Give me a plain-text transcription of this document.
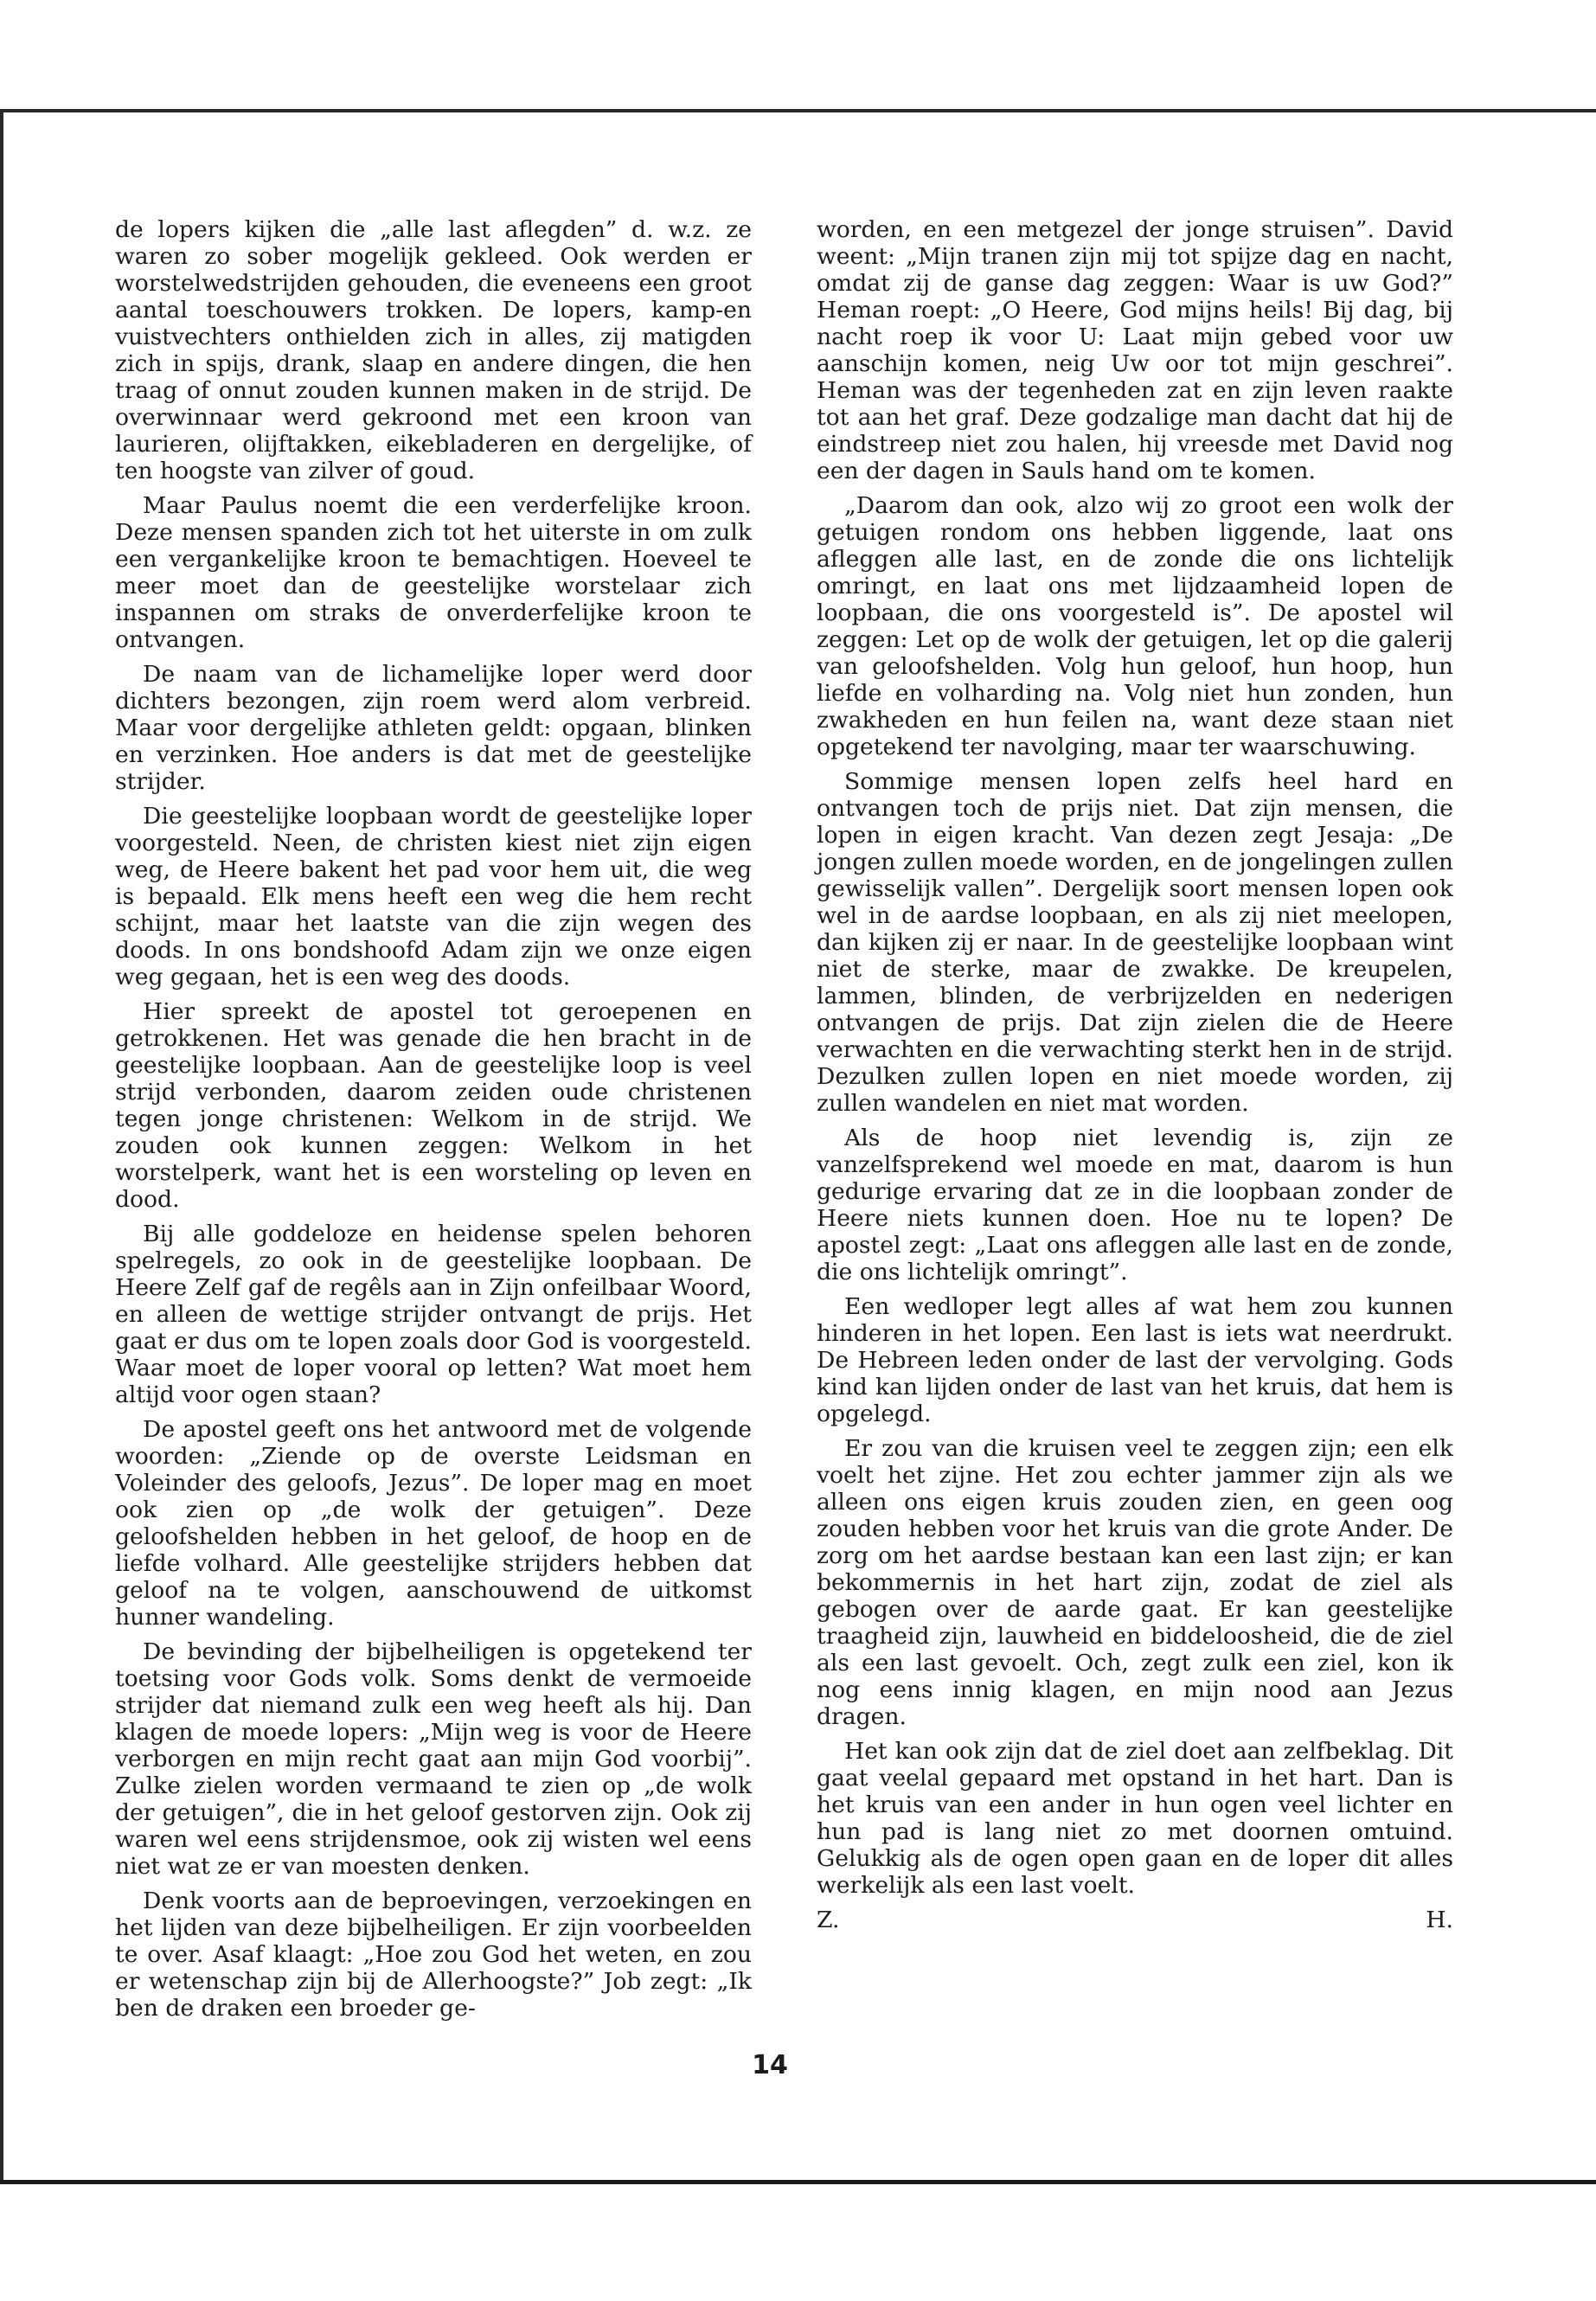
de lopers kijken die „alle last aflegden” d. w.z. ze waren zo sober mogelijk gekleed. Ook werden er worstelwedstrijden gehouden, die eveneens een groot aantal toeschouwers trokken. De lopers, kamp-en vuistvechters onthielden zich in alles, zij matigden zich in spijs, drank, slaap en andere dingen, die hen traag of onnut zouden kunnen maken in de strijd. De overwinnaar werd gekroond met een kroon van laurieren, olijftakken, eikebladeren en dergelijke, of ten hoogste van zilver of goud.

Maar Paulus noemt die een verderfelijke kroon. Deze mensen spanden zich tot het uiterste in om zulk een vergankelijke kroon te bemachtigen. Hoeveel te meer moet dan de geestelijke worstelaar zich inspannen om straks de onverderfelijke kroon te ontvangen.

De naam van de lichamelijke loper werd door dichters bezongen, zijn roem werd alom verbreid. Maar voor dergelijke athleten geldt: opgaan, blinken en verzinken. Hoe anders is dat met de geestelijke strijder.

Die geestelijke loopbaan wordt de geestelijke loper voorgesteld. Neen, de christen kiest niet zijn eigen weg, de Heere bakent het pad voor hem uit, die weg is bepaald. Elk mens heeft een weg die hem recht schijnt, maar het laatste van die zijn wegen des doods. In ons bondshoofd Adam zijn we onze eigen weg gegaan, het is een weg des doods.

Hier spreekt de apostel tot geroepenen en getrokkenen. Het was genade die hen bracht in de geestelijke loopbaan. Aan de geestelijke loop is veel strijd verbonden, daarom zeiden oude christenen tegen jonge christenen: Welkom in de strijd. We zouden ook kunnen zeggen: Welkom in het worstelperk, want het is een worsteling op leven en dood.

Bij alle goddeloze en heidense spelen behoren spelregels, zo ook in de geestelijke loopbaan. De Heere Zelf gaf de regêls aan in Zijn onfeilbaar Woord, en alleen de wettige strijder ontvangt de prijs. Het gaat er dus om te lopen zoals door God is voorgesteld. Waar moet de loper vooral op letten? Wat moet hem altijd voor ogen staan?

De apostel geeft ons het antwoord met de volgende woorden: „Ziende op de overste Leidsman en Voleinder des geloofs, Jezus”. De loper mag en moet ook zien op „de wolk der getuigen”. Deze geloofshelden hebben in het geloof, de hoop en de liefde volhard. Alle geestelijke strijders hebben dat geloof na te volgen, aanschouwend de uitkomst hunner wandeling.

De bevinding der bijbelheiligen is opgetekend ter toetsing voor Gods volk. Soms denkt de vermoeide strijder dat niemand zulk een weg heeft als hij. Dan klagen de moede lopers: „Mijn weg is voor de Heere verborgen en mijn recht gaat aan mijn God voorbij”. Zulke zielen worden vermaand te zien op „de wolk der getuigen”, die in het geloof gestorven zijn. Ook zij waren wel eens strijdensmoe, ook zij wisten wel eens niet wat ze er van moesten denken.

Denk voorts aan de beproevingen, verzoekingen en het lijden van deze bijbelheiligen. Er zijn voorbeelden te over. Asaf klaagt: „Hoe zou God het weten, en zou er wetenschap zijn bij de Allerhoogste?” Job zegt: „Ik ben de draken een broeder ge-

worden, en een metgezel der jonge struisen”. David weent: „Mijn tranen zijn mij tot spijze dag en nacht, omdat zij de ganse dag zeggen: Waar is uw God?” Heman roept: „O Heere, God mijns heils! Bij dag, bij nacht roep ik voor U: Laat mijn gebed voor uw aanschijn komen, neig Uw oor tot mijn geschrei”. Heman was der tegenheden zat en zijn leven raakte tot aan het graf. Deze godzalige man dacht dat hij de eindstreep niet zou halen, hij vreesde met David nog een der dagen in Sauls hand om te komen.

„Daarom dan ook, alzo wij zo groot een wolk der getuigen rondom ons hebben liggende, laat ons afleggen alle last, en de zonde die ons lichtelijk omringt, en laat ons met lijdzaamheid lopen de loopbaan, die ons voorgesteld is”. De apostel wil zeggen: Let op de wolk der getuigen, let op die galerij van geloofshelden. Volg hun geloof, hun hoop, hun liefde en volharding na. Volg niet hun zonden, hun zwakheden en hun feilen na, want deze staan niet opgetekend ter navolging, maar ter waarschuwing.

Sommige mensen lopen zelfs heel hard en ontvangen toch de prijs niet. Dat zijn mensen, die lopen in eigen kracht. Van dezen zegt Jesaja: „De jongen zullen moede worden, en de jongelingen zullen gewisselijk vallen”. Dergelijk soort mensen lopen ook wel in de aardse loopbaan, en als zij niet meelopen, dan kijken zij er naar. In de geestelijke loopbaan wint niet de sterke, maar de zwakke. De kreupelen, lammen, blinden, de verbrijzelden en nederigen ontvangen de prijs. Dat zijn zielen die de Heere verwachten en die verwachting sterkt hen in de strijd. Dezulken zullen lopen en niet moede worden, zij zullen wandelen en niet mat worden.

Als de hoop niet levendig is, zijn ze vanzelfsprekend wel moede en mat, daarom is hun gedurige ervaring dat ze in die loopbaan zonder de Heere niets kunnen doen. Hoe nu te lopen? De apostel zegt: „Laat ons afleggen alle last en de zonde, die ons lichtelijk omringt”.

Een wedloper legt alles af wat hem zou kunnen hinderen in het lopen. Een last is iets wat neerdrukt. De Hebreen leden onder de last der vervolging. Gods kind kan lijden onder de last van het kruis, dat hem is opgelegd.

Er zou van die kruisen veel te zeggen zijn; een elk voelt het zijne. Het zou echter jammer zijn als we alleen ons eigen kruis zouden zien, en geen oog zouden hebben voor het kruis van die grote Ander. De zorg om het aardse bestaan kan een last zijn; er kan bekommernis in het hart zijn, zodat de ziel als gebogen over de aarde gaat. Er kan geestelijke traagheid zijn, lauwheid en biddeloosheid, die de ziel als een last gevoelt. Och, zegt zulk een ziel, kon ik nog eens innig klagen, en mijn nood aan Jezus dragen.

Het kan ook zijn dat de ziel doet aan zelfbeklag. Dit gaat veelal gepaard met opstand in het hart. Dan is het kruis van een ander in hun ogen veel lichter en hun pad is lang niet zo met doornen omtuind. Gelukkig als de ogen open gaan en de loper dit alles werkelijk als een last voelt.

Z.	H.
14
